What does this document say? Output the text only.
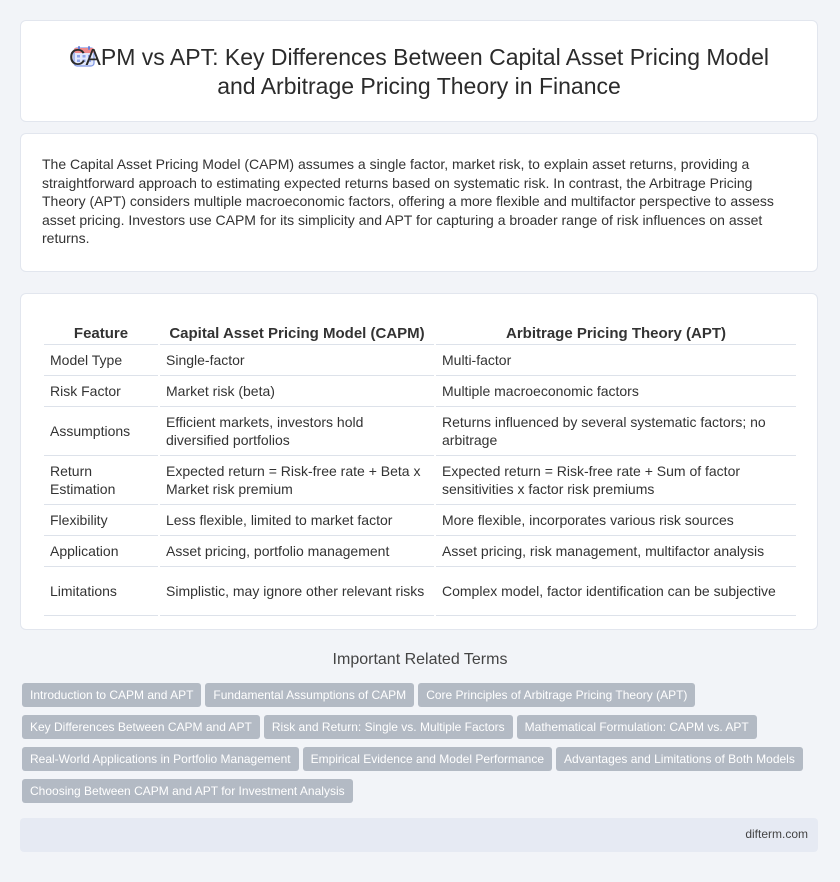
CAPM vs APT: Key Differences Between Capital Asset Pricing Model and Arbitrage Pricing Theory in Finance

The Capital Asset Pricing Model (CAPM) assumes a single factor, market risk, to explain asset returns, providing a straightforward approach to estimating expected returns based on systematic risk. In contrast, the Arbitrage Pricing Theory (APT) considers multiple macroeconomic factors, offering a more flexible and multifactor perspective to assess asset pricing. Investors use CAPM for its simplicity and APT for capturing a broader range of risk influences on asset returns.

Feature	Capital Asset Pricing Model (CAPM)	Arbitrage Pricing Theory (APT)
Model Type	Single-factor	Multi-factor
Risk Factor	Market risk (beta)	Multiple macroeconomic factors
Assumptions	Efficient markets, investors hold diversified portfolios	Returns influenced by several systematic factors; no arbitrage
Return Estimation	Expected return = Risk-free rate + Beta x Market risk premium	Expected return = Risk-free rate + Sum of factor sensitivities x factor risk premiums
Flexibility	Less flexible, limited to market factor	More flexible, incorporates various risk sources
Application	Asset pricing, portfolio management	Asset pricing, risk management, multifactor analysis
Limitations	Simplistic, may ignore other relevant risks	Complex model, factor identification can be subjective
Important Related Terms
Introduction to CAPM and APT Fundamental Assumptions of CAPM Core Principles of Arbitrage Pricing Theory (APT)Key Differences Between CAPM and APT Risk and Return: Single vs. Multiple Factors Mathematical Formulation: CAPM vs. APTReal-World Applications in Portfolio Management Empirical Evidence and Model Performance Advantages and Limitations of Both ModelsChoosing Between CAPM and APT for Investment Analysis
difterm.com
